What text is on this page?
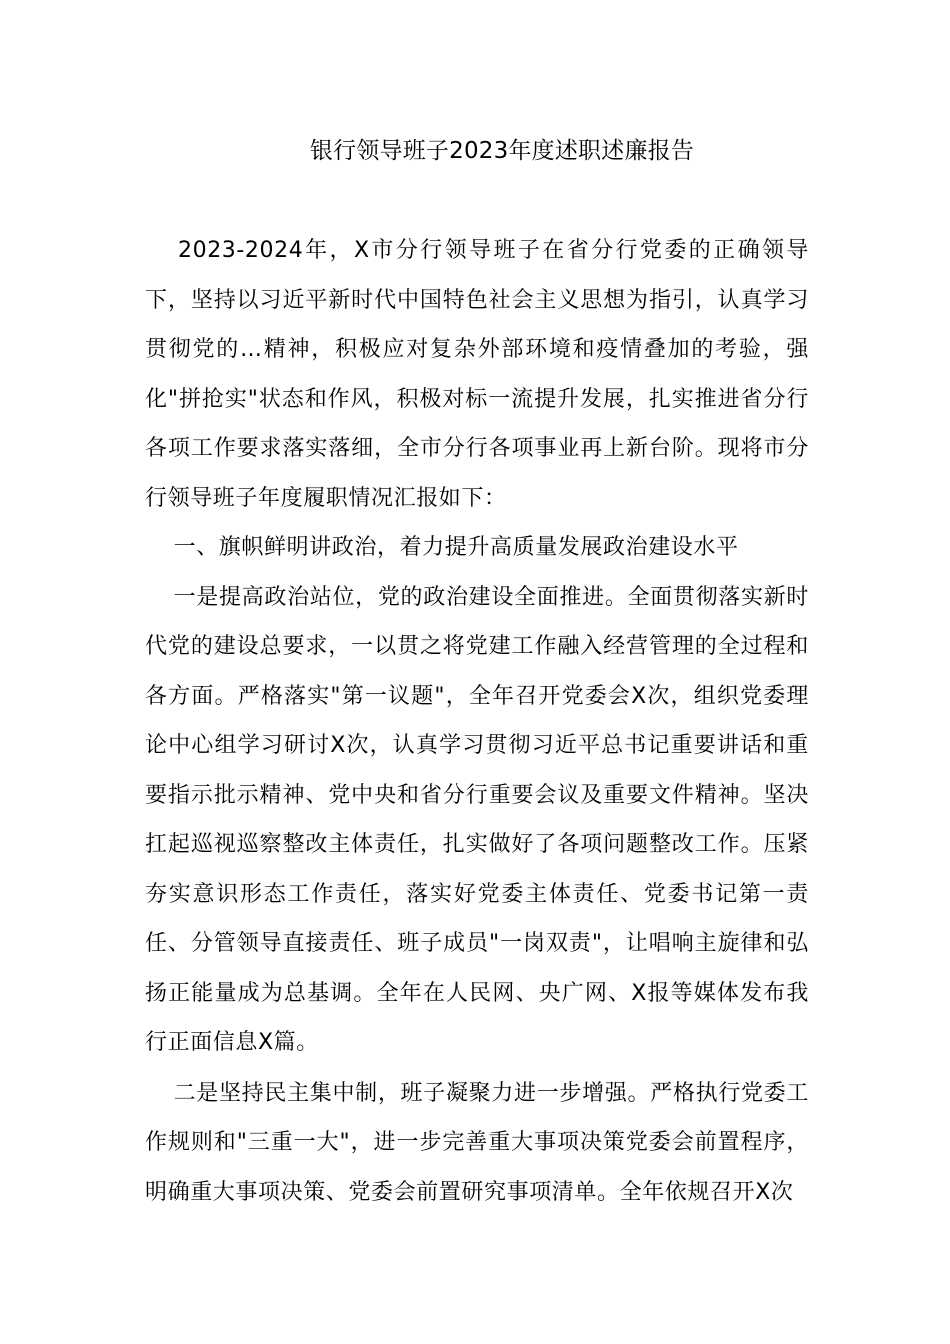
银行领导班子2023年度述职述廉报告

2023-2024年，X市分行领导班子在省分行党委的正确领导下，坚持以习近平新时代中国特色社会主义思想为指引，认真学习贯彻党的…精神，积极应对复杂外部环境和疫情叠加的考验，强化"拼抢实"状态和作风，积极对标一流提升发展，扎实推进省分行各项工作要求落实落细，全市分行各项事业再上新台阶。现将市分行领导班子年度履职情况汇报如下：

一、旗帜鲜明讲政治，着力提升高质量发展政治建设水平

一是提高政治站位，党的政治建设全面推进。全面贯彻落实新时代党的建设总要求，一以贯之将党建工作融入经营管理的全过程和各方面。严格落实"第一议题"，全年召开党委会X次，组织党委理论中心组学习研讨X次，认真学习贯彻习近平总书记重要讲话和重要指示批示精神、党中央和省分行重要会议及重要文件精神。坚决扛起巡视巡察整改主体责任，扎实做好了各项问题整改工作。压紧夯实意识形态工作责任，落实好党委主体责任、党委书记第一责任、分管领导直接责任、班子成员"一岗双责"，让唱响主旋律和弘扬正能量成为总基调。全年在人民网、央广网、X报等媒体发布我行正面信息X篇。

二是坚持民主集中制，班子凝聚力进一步增强。严格执行党委工作规则和"三重一大"，进一步完善重大事项决策党委会前置程序，明确重大事项决策、党委会前置研究事项清单。全年依规召开X次
